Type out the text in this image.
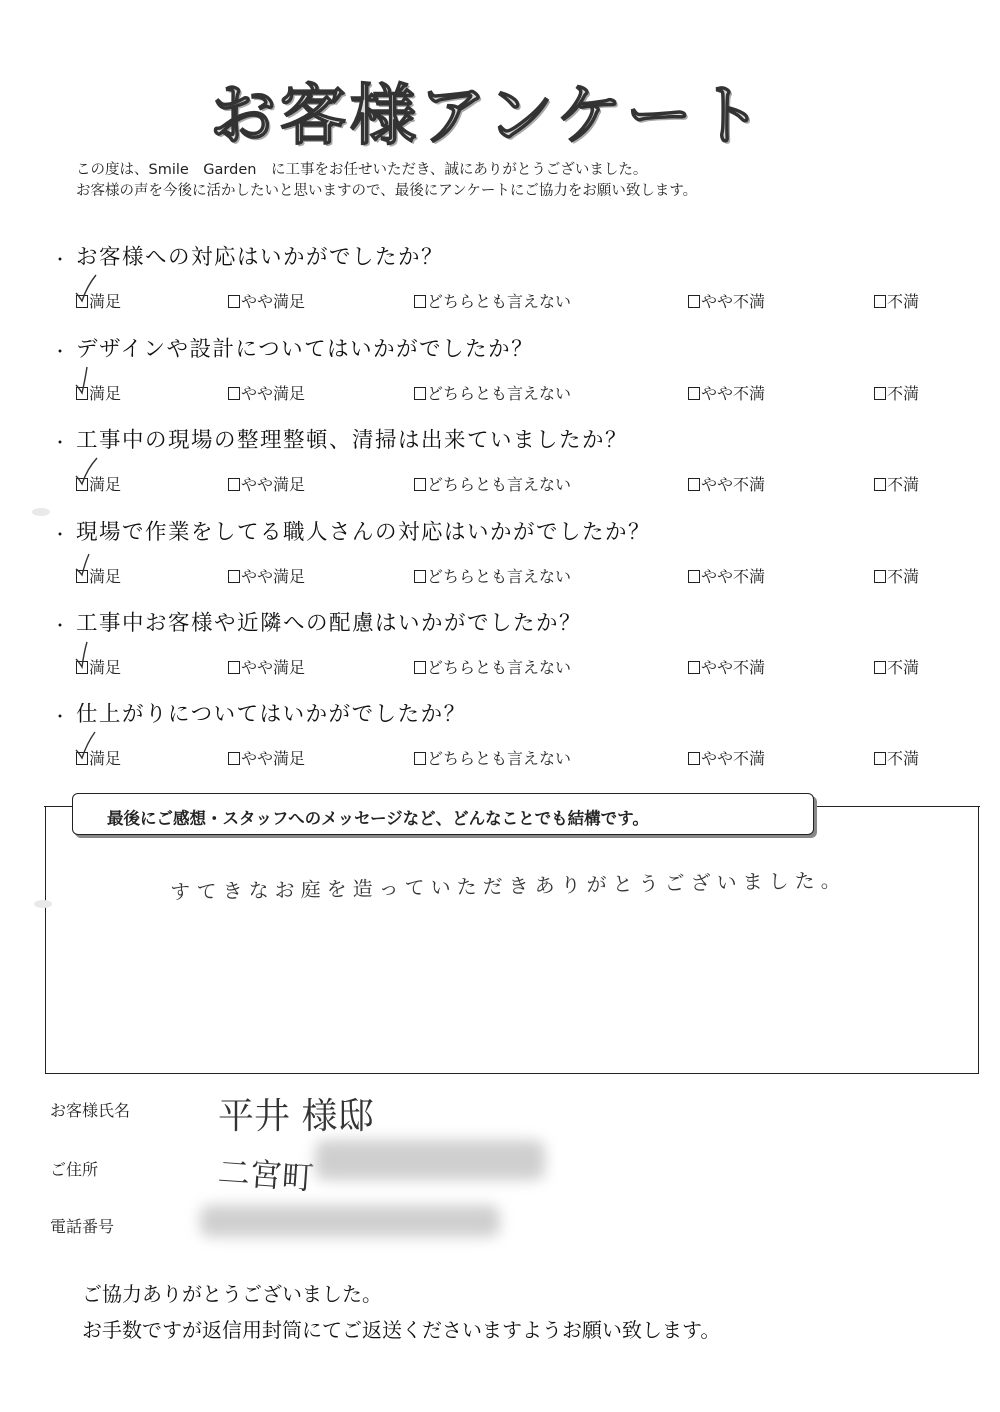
お客様アンケート
この度は、Smile　Garden　に工事をお任せいただき、誠にありがとうございました。
お客様の声を今後に活かしたいと思いますので、最後にアンケートにご協力をお願い致します。
・ お客様への対応はいかがでしたか？
満足	やや満足	どちらとも言えない	やや不満	不満
・ デザインや設計についてはいかがでしたか？
満足	やや満足	どちらとも言えない	やや不満	不満
・ 工事中の現場の整理整頓、清掃は出来ていましたか？
満足	やや満足	どちらとも言えない	やや不満	不満
・ 現場で作業をしてる職人さんの対応はいかがでしたか？
満足	やや満足	どちらとも言えない	やや不満	不満
・ 工事中お客様や近隣への配慮はいかがでしたか？
満足	やや満足	どちらとも言えない	やや不満	不満
・ 仕上がりについてはいかがでしたか？
満足	やや満足	どちらとも言えない	やや不満	不満
最後にご感想・スタッフへのメッセージなど、どんなことでも結構です。
すてきなお庭を造っていただきありがとうございました。
お客様氏名 平井 様邸
ご住所	二宮町
電話番号
ご協力ありがとうございました。
お手数ですが返信用封筒にてご返送くださいますようお願い致します。
